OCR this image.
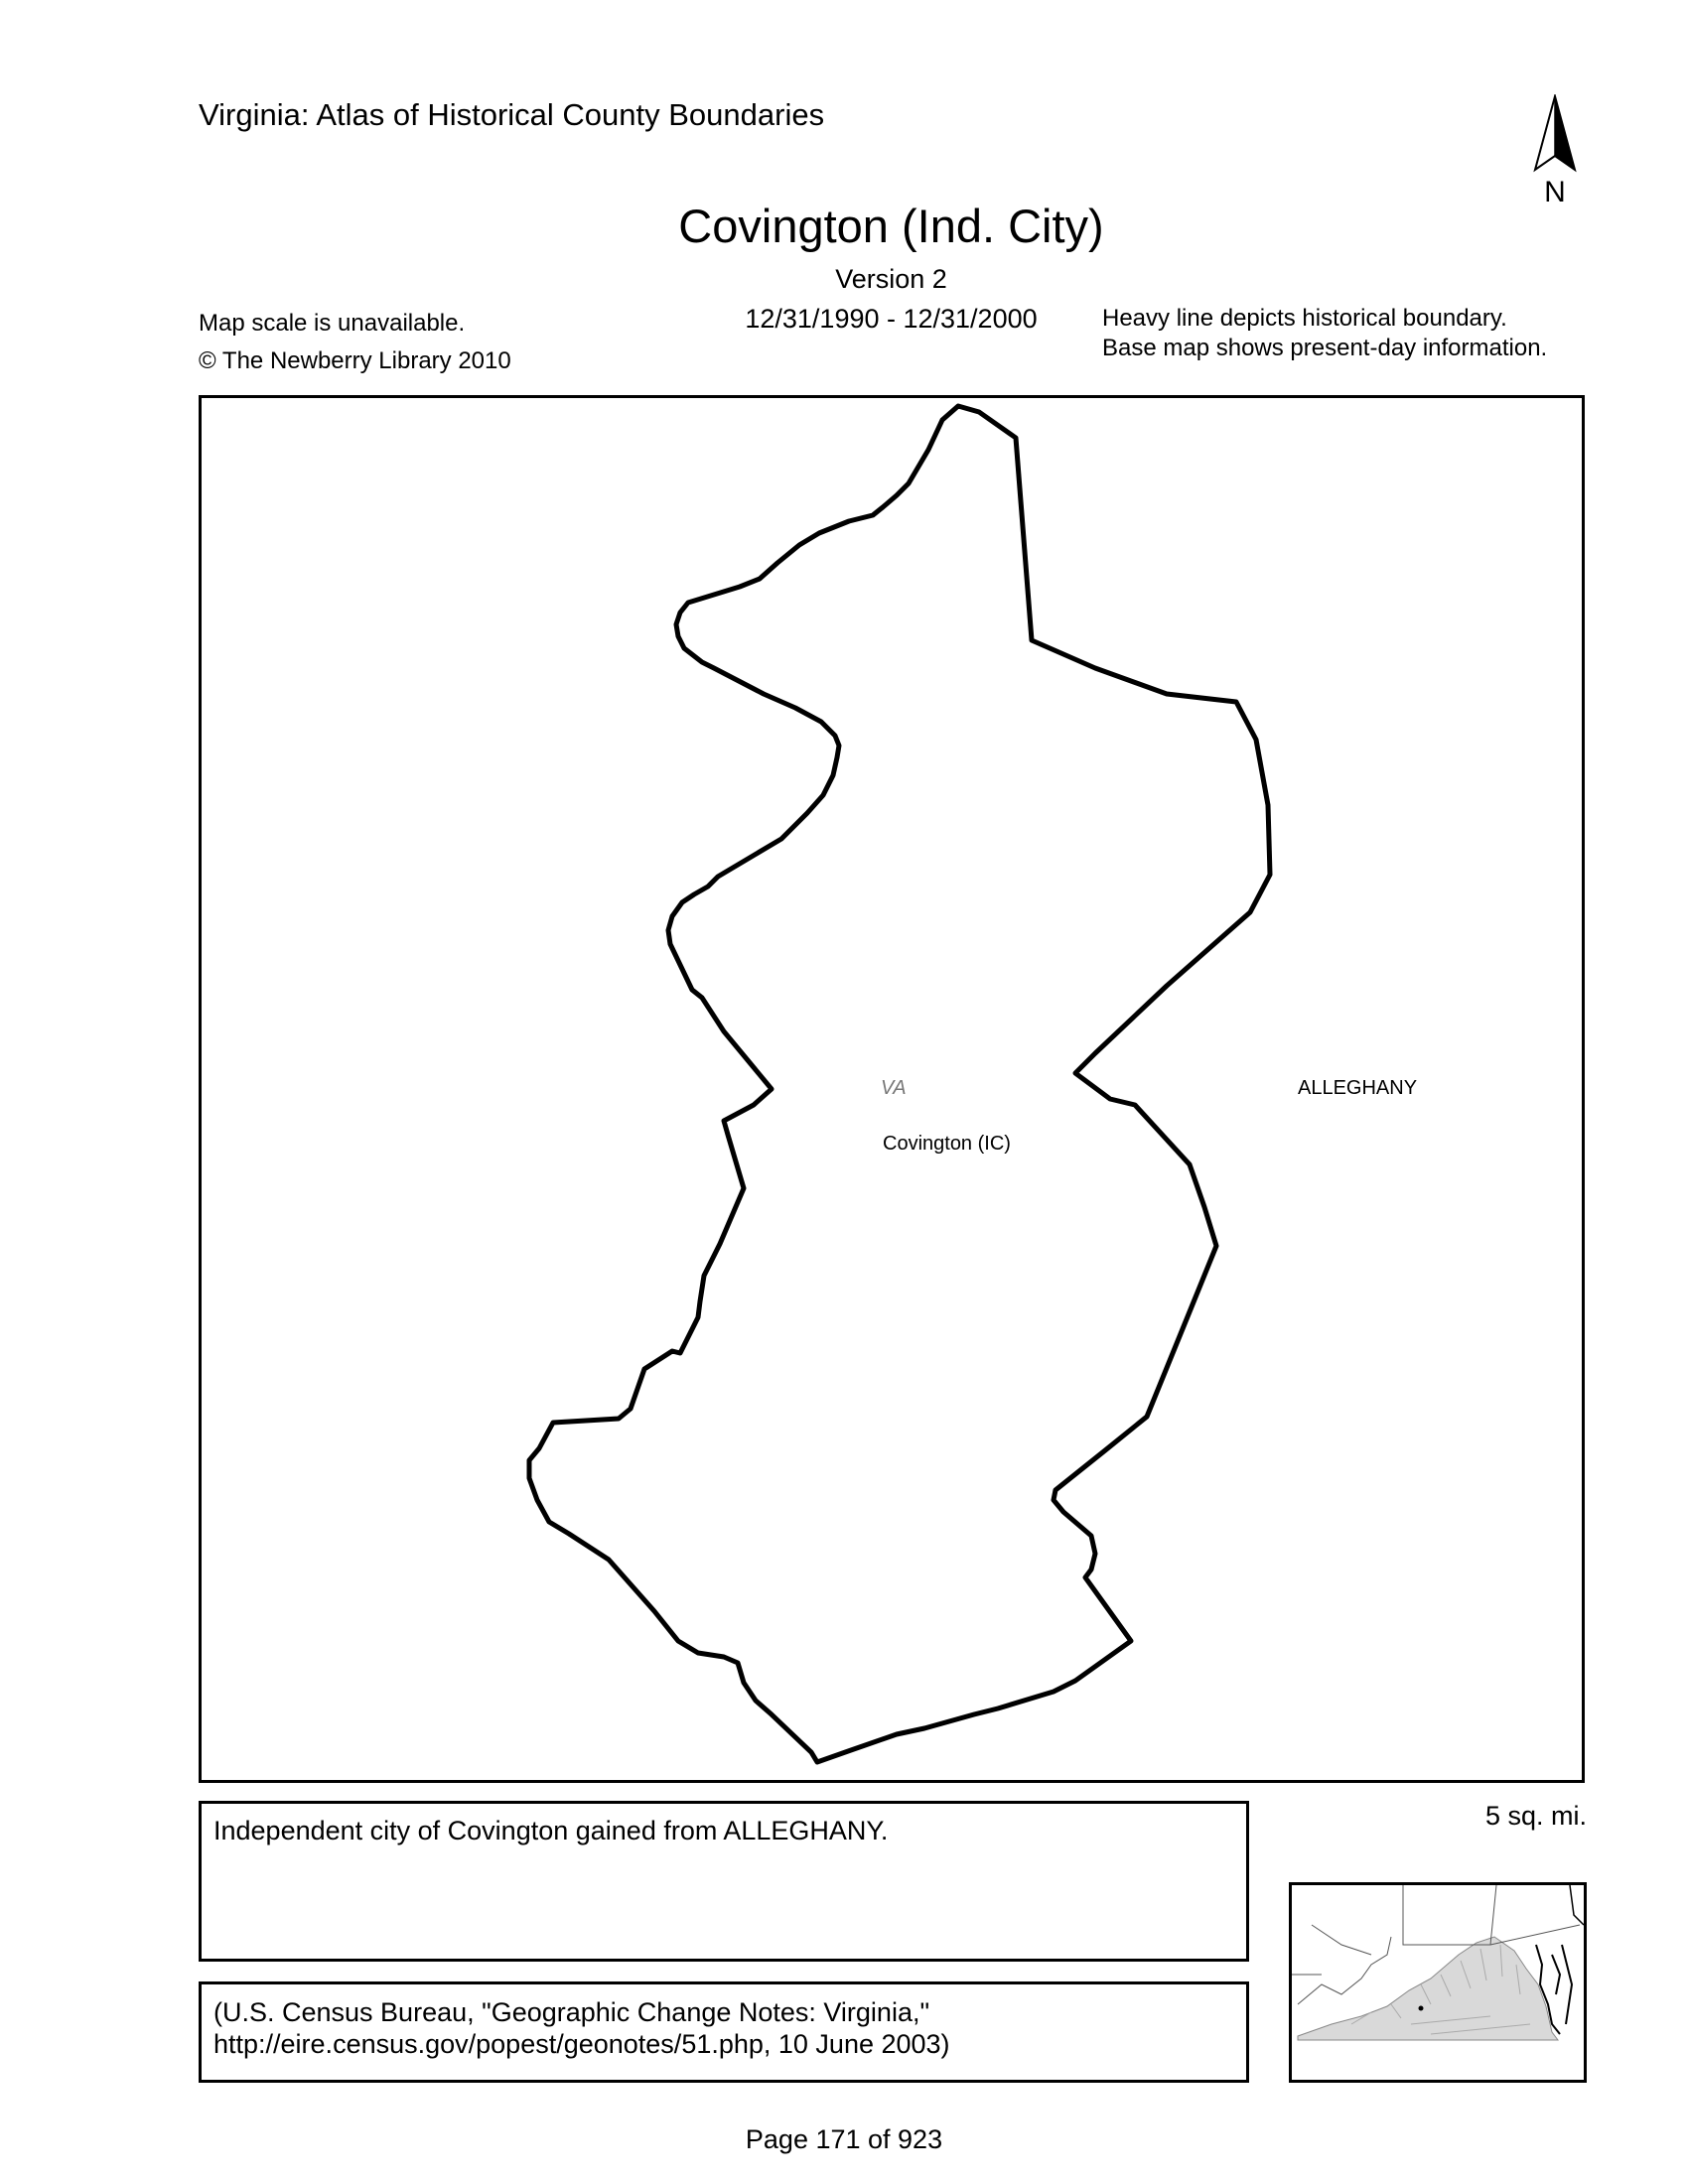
Virginia: Atlas of Historical County Boundaries
N
Covington (Ind. City)
Version 2
12/31/1990 - 12/31/2000
Map scale is unavailable.
© The Newberry Library 2010
Heavy line depicts historical boundary.
Base map shows present-day information.
VA	ALLEGHANY
Covington (IC)
Independent city of Covington gained from ALLEGHANY.	5 sq. mi.
(U.S. Census Bureau, "Geographic Change Notes: Virginia,"
http://eire.census.gov/popest/geonotes/51.php, 10 June 2003)
Page 171 of 923
